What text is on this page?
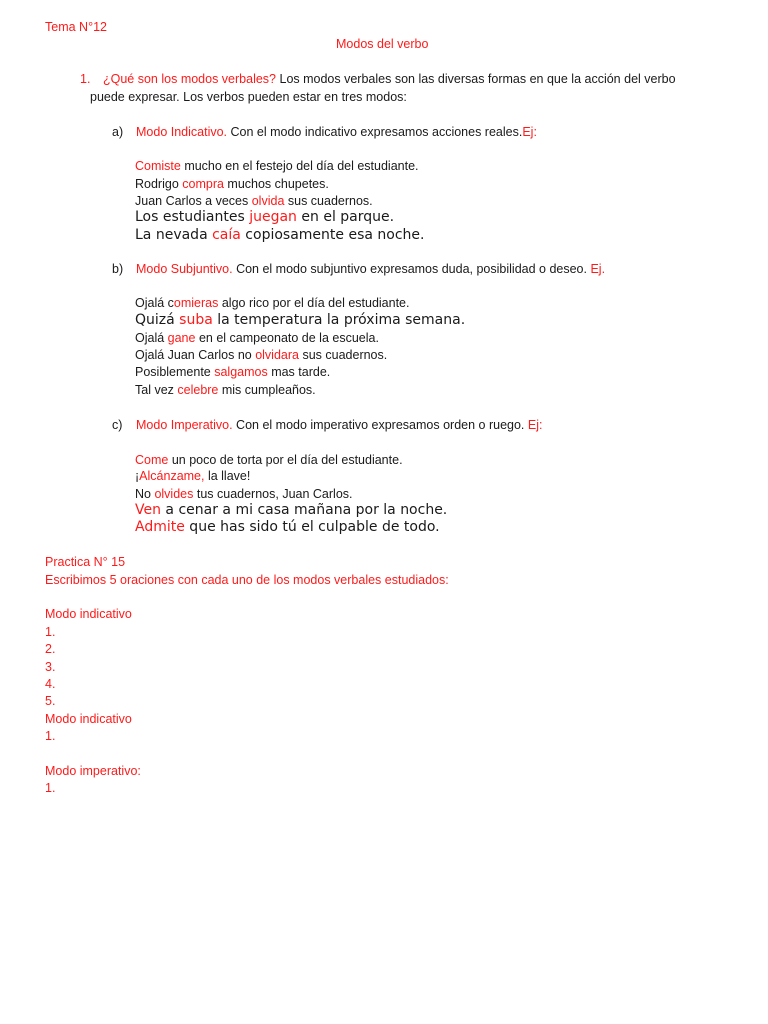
Tema N°12
Modos del verbo
1. ¿Qué son los modos verbales? Los modos verbales son las diversas formas en que la acción del verbo
puede expresar. Los verbos pueden estar en tres modos:
a) Modo Indicativo. Con el modo indicativo expresamos acciones reales.Ej:
Comiste mucho en el festejo del día del estudiante.
Rodrigo compra muchos chupetes.
Juan Carlos a veces olvida sus cuadernos.
Los estudiantes juegan en el parque.
La nevada caía copiosamente esa noche.
b) Modo Subjuntivo. Con el modo subjuntivo expresamos duda, posibilidad o deseo. Ej.
Ojalá comieras algo rico por el día del estudiante.
Quizá suba la temperatura la próxima semana.
Ojalá gane en el campeonato de la escuela.
Ojalá Juan Carlos no olvidara sus cuadernos.
Posiblemente salgamos mas tarde.
Tal vez celebre mis cumpleaños.
c) Modo Imperativo. Con el modo imperativo expresamos orden o ruego. Ej:
Come un poco de torta por el día del estudiante.
¡Alcánzame, la llave!
No olvides tus cuadernos, Juan Carlos.
Ven a cenar a mi casa mañana por la noche.
Admite que has sido tú el culpable de todo.
Practica N° 15
Escribimos 5 oraciones con cada uno de los modos verbales estudiados:
Modo indicativo
1.
2.
3.
4.
5.
Modo indicativo
1.
Modo imperativo:
1.
